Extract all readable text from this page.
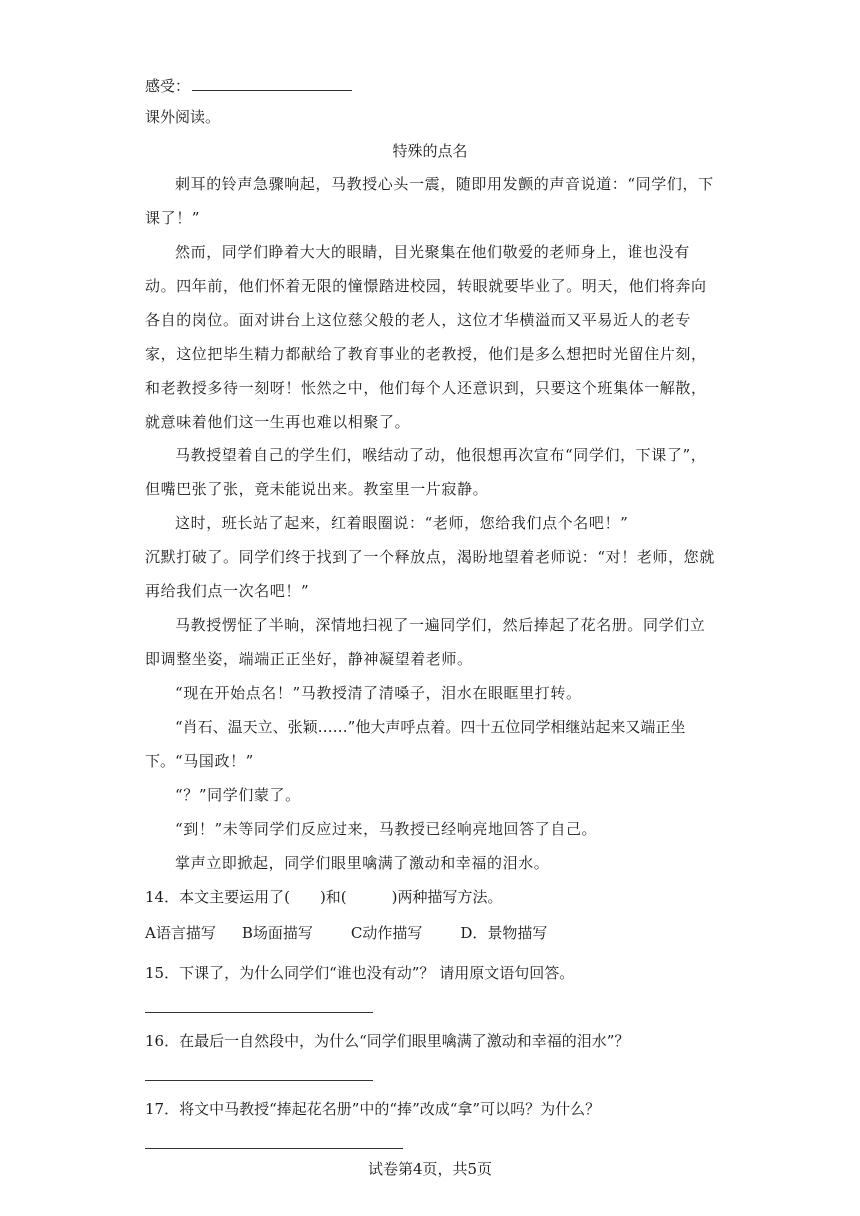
感受：
课外阅读。
特殊的点名
刺耳的铃声急骤响起，马教授心头一震，随即用发颤的声音说道：“同学们，下课了！”
然而，同学们睁着大大的眼睛，目光聚集在他们敬爱的老师身上，谁也没有动。四年前，他们怀着无限的憧憬踏进校园，转眼就要毕业了。明天，他们将奔向各自的岗位。面对讲台上这位慈父般的老人，这位才华横溢而又平易近人的老专家，这位把毕生精力都献给了教育事业的老教授，他们是多么想把时光留住片刻，和老教授多待一刻呀！怅然之中，他们每个人还意识到，只要这个班集体一解散，就意味着他们这一生再也难以相聚了。
马教授望着自己的学生们，喉结动了动，他很想再次宣布“同学们，下课了”，但嘴巴张了张，竟未能说出来。教室里一片寂静。
这时，班长站了起来，红着眼圈说：“老师，您给我们点个名吧！”
沉默打破了。同学们终于找到了一个释放点，渴盼地望着老师说：“对！老师，您就再给我们点一次名吧！”
马教授愣怔了半晌，深情地扫视了一遍同学们，然后捧起了花名册。同学们立即调整坐姿，端端正正坐好，静神凝望着老师。
“现在开始点名！”马教授清了清嗓子，泪水在眼眶里打转。
“肖石、温天立、张颖……”他大声呼点着。四十五位同学相继站起来又端正坐下。 “马国政！”
“？”同学们蒙了。
“到！”未等同学们反应过来，马教授已经响亮地回答了自己。
掌声立即掀起，同学们眼里噙满了激动和幸福的泪水。
14．本文主要运用了(　　)和(　　　)两种描写方法。
A语言描写 B场面描写	C动作描写	D．景物描写
15．下课了，为什么同学们“谁也没有动”？ 请用原文语句回答。
16．在最后一自然段中，为什么“同学们眼里噙满了激动和幸福的泪水”？
17．将文中马教授“捧起花名册”中的“捧”改成“拿”可以吗？为什么？
试卷第4页，共5页
